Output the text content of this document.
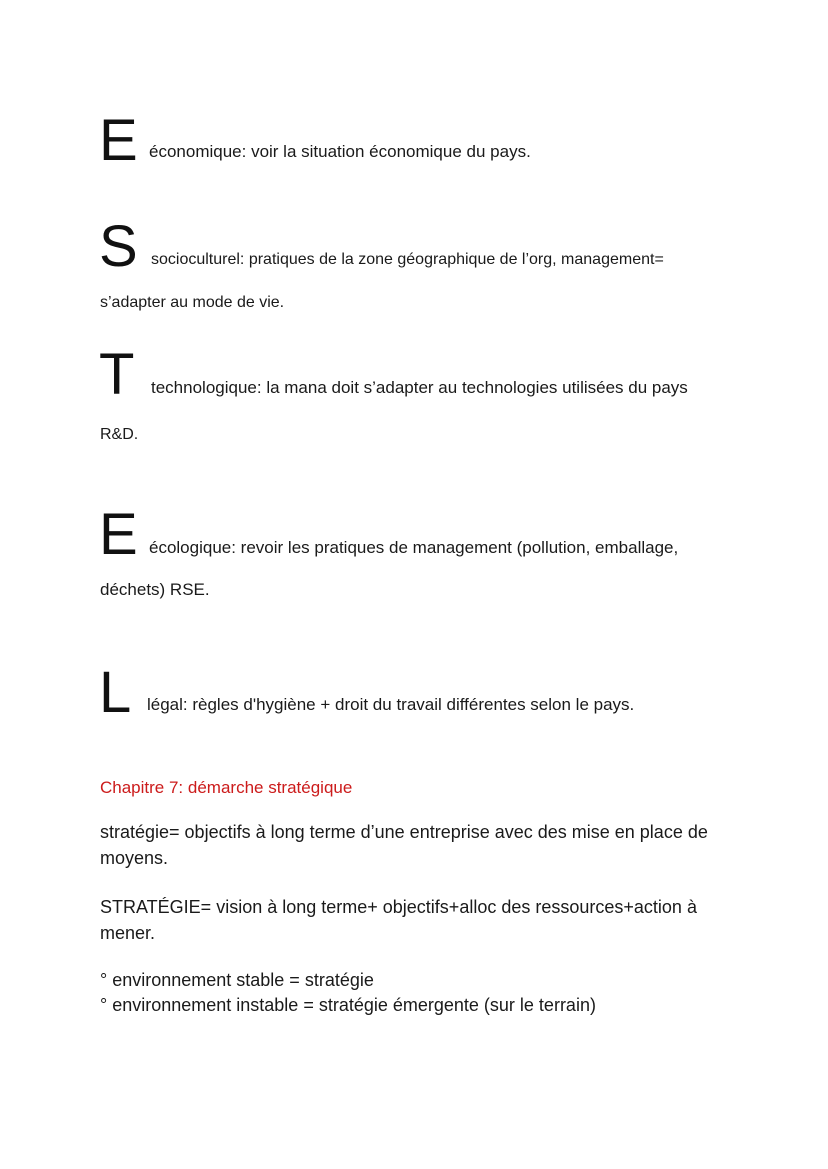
E économique: voir la situation économique du pays.
S socioculturel: pratiques de la zone géographique de l’org, management=
s’adapter au mode de vie.
T technologique: la mana doit s’adapter au technologies utilisées du pays
R&D.
E écologique: revoir les pratiques de management (pollution, emballage,
déchets) RSE.
L légal: règles d'hygiène + droit du travail différentes selon le pays.
Chapitre 7: démarche stratégique
stratégie= objectifs à long terme d’une entreprise avec des mise en place de moyens.
STRATÉGIE= vision à long terme+ objectifs+alloc des ressources+action à mener.
° environnement stable = stratégie
° environnement instable = stratégie émergente (sur le terrain)
